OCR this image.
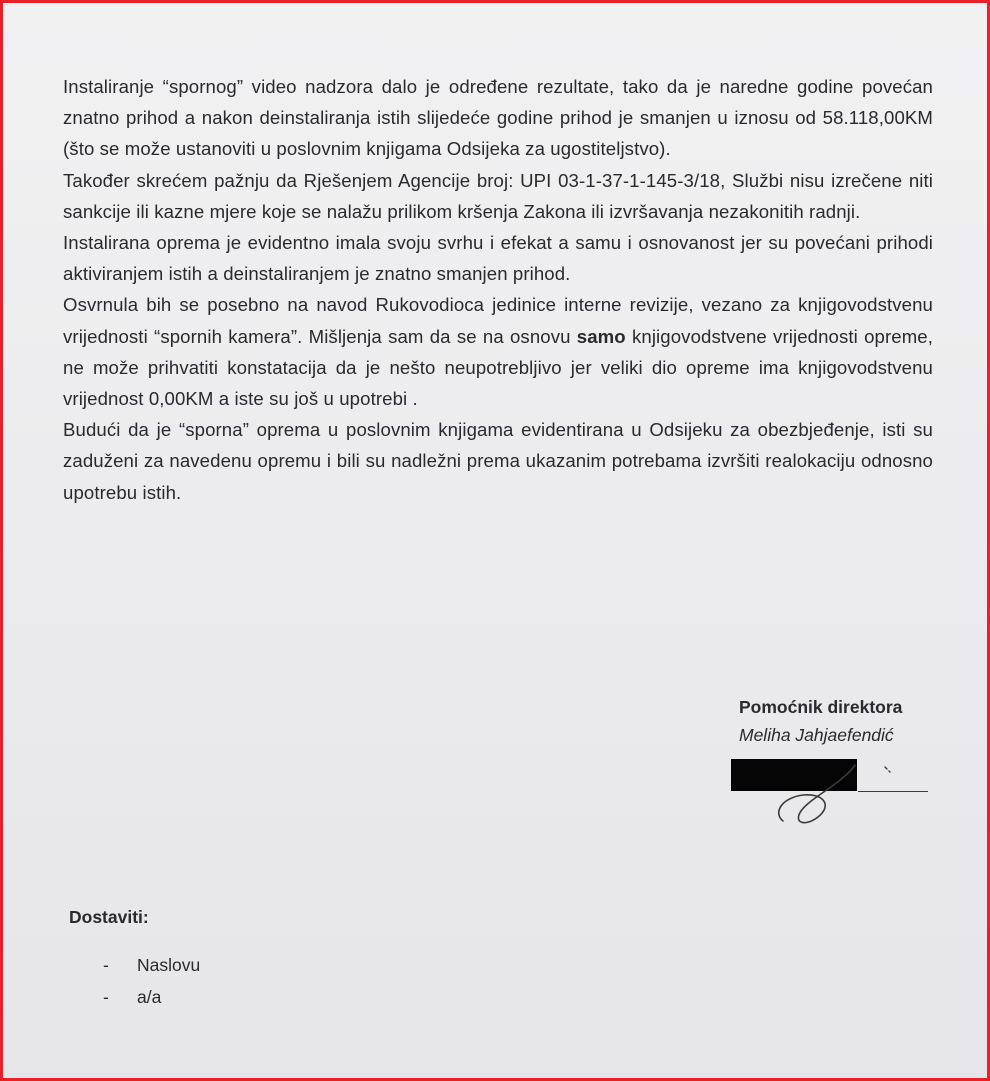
Instaliranje “spornog” video nadzora dalo je određene rezultate, tako da je naredne godine povećan znatno prihod a nakon deinstaliranja istih slijedeće godine prihod je smanjen u iznosu od 58.118,00KM (što se može ustanoviti u poslovnim knjigama Odsijeka za ugostiteljstvo).

Također skrećem pažnju da Rješenjem Agencije broj: UPI 03-1-37-1-145-3/18, Službi nisu izrečene niti sankcije ili kazne mjere koje se nalažu prilikom kršenja Zakona ili izvršavanja nezakonitih radnji.

Instalirana oprema je evidentno imala svoju svrhu i efekat a samu i osnovanost jer su povećani prihodi aktiviranjem istih a deinstaliranjem je znatno smanjen prihod.

Osvrnula bih se posebno na navod Rukovodioca jedinice interne revizije, vezano za knjigovodstvenu vrijednosti “spornih kamera”. Mišljenja sam da se na osnovu samo knjigovodstvene vrijednosti opreme, ne može prihvatiti konstatacija da je nešto neupotrebljivo jer veliki dio opreme ima knjigovodstvenu vrijednost 0,00KM a iste su još u upotrebi .

Budući da je “sporna” oprema u poslovnim knjigama evidentirana u Odsijeku za obezbjeđenje, isti su zaduženi za navedenu opremu i bili su nadležni prema ukazanim potrebama izvršiti realokaciju odnosno upotrebu istih.

Pomoćnik direktora
Meliha Jahjaefendić
Dostaviti:
-	Naslovu
-	a/a
